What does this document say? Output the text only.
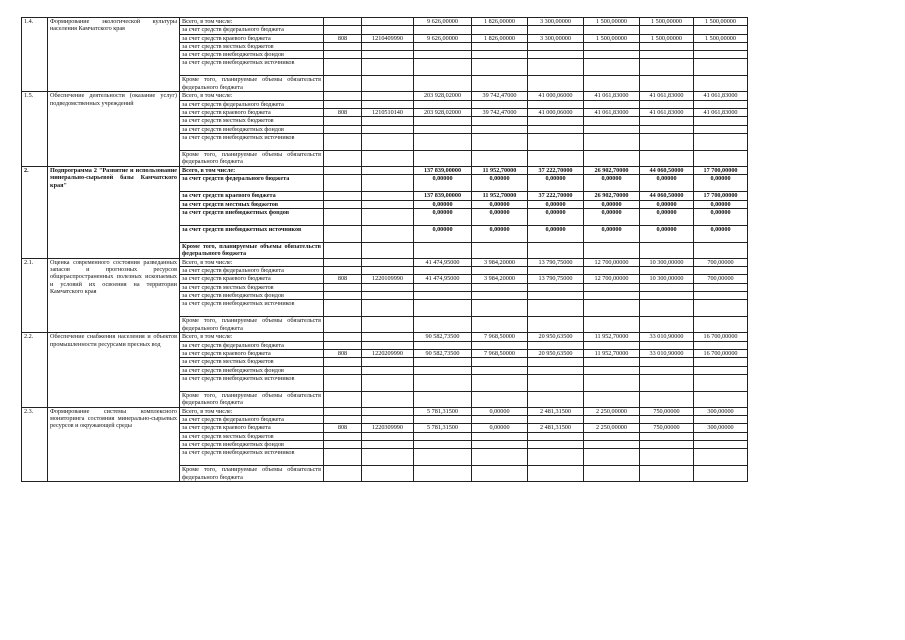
1.4.	Формирование экологической культуры населения Камчатского края	Всего, в том числе:			9 626,00000	1 826,00000	3 300,00000	1 500,00000	1 500,00000	1 500,00000
		за счет средств федерального бюджета								
		за счет средств краевого бюджета	808	1210409990	9 626,00000	1 826,00000	3 300,00000	1 500,00000	1 500,00000	1 500,00000
		за счет средств местных бюджетов								
		за счет средств внебюджетных фондов								
		за счет средств внебюджетных источников								
		Кроме того, планируемые объемы обязательств федерального бюджета								
1.5.	Обеспечение деятельности (оказание услуг) подведомственных учреждений	Всего, в том числе:			203 928,02000	39 742,47000	41 000,06000	41 061,83000	41 061,83000	41 061,83000
		за счет средств федерального бюджета								
		за счет средств краевого бюджета	808	1210510140	203 928,02000	39 742,47000	41 000,06000	41 061,83000	41 061,83000	41 061,83000
		за счет средств местных бюджетов								
		за счет средств внебюджетных фондов								
		за счет средств внебюджетных источников								
		Кроме того, планируемые объемы обязательств федерального бюджета								
2.	Подпрограмма 2 "Развитие и использование минерально-сырьевой базы Камчатского края"	Всего, в том числе:			137 839,00000	11 952,70000	37 222,70000	26 902,70000	44 060,50000	17 700,00000
		за счет средств федерального бюджета			0,00000	0,00000	0,00000	0,00000	0,00000	0,00000
		за счет средств краевого бюджета			137 839,00000	11 952,70000	37 222,70000	26 902,70000	44 060,50000	17 700,00000
		за счет средств местных бюджетов			0,00000	0,00000	0,00000	0,00000	0,00000	0,00000
		за счет средств внебюджетных фондов			0,00000	0,00000	0,00000	0,00000	0,00000	0,00000
		за счет средств внебюджетных источников			0,00000	0,00000	0,00000	0,00000	0,00000	0,00000
		Кроме того, планируемые объемы обязательств федерального бюджета								
2.1.	Оценка современного состояния разведанных запасов и прогнозных ресурсов общераспространенных полезных ископаемых и условий их освоения на территории Камчатского края	Всего, в том числе:			41 474,95000	3 984,20000	13 790,75000	12 700,00000	10 300,00000	700,00000
		за счет средств федерального бюджета								
		за счет средств краевого бюджета	808	1220109990	41 474,95000	3 984,20000	13 790,75000	12 700,00000	10 300,00000	700,00000
		за счет средств местных бюджетов								
		за счет средств внебюджетных фондов								
		за счет средств внебюджетных источников								
		Кроме того, планируемые объемы обязательств федерального бюджета								
2.2.	Обеспечение снабжения населения и объектов промышленности ресурсами пресных вод	Всего, в том числе:			90 582,73500	7 968,50000	20 950,63500	11 952,70000	33 010,90000	16 700,00000
		за счет средств федерального бюджета								
		за счет средств краевого бюджета	808	1220209990	90 582,73500	7 968,50000	20 950,63500	11 952,70000	33 010,90000	16 700,00000
		за счет средств местных бюджетов								
		за счет средств внебюджетных фондов								
		за счет средств внебюджетных источников								
		Кроме того, планируемые объемы обязательств федерального бюджета								
2.3.	Формирование системы комплексного мониторинга состояния минерально-сырьевых ресурсов и окружающей среды	Всего, в том числе:			5 781,31500	0,00000	2 481,31500	2 250,00000	750,00000	300,00000
		за счет средств федерального бюджета								
		за счет средств краевого бюджета	808	1220309990	5 781,31500	0,00000	2 481,31500	2 250,00000	750,00000	300,00000
		за счет средств местных бюджетов								
		за счет средств внебюджетных фондов								
		за счет средств внебюджетных источников								
		Кроме того, планируемые объемы обязательств федерального бюджета								
